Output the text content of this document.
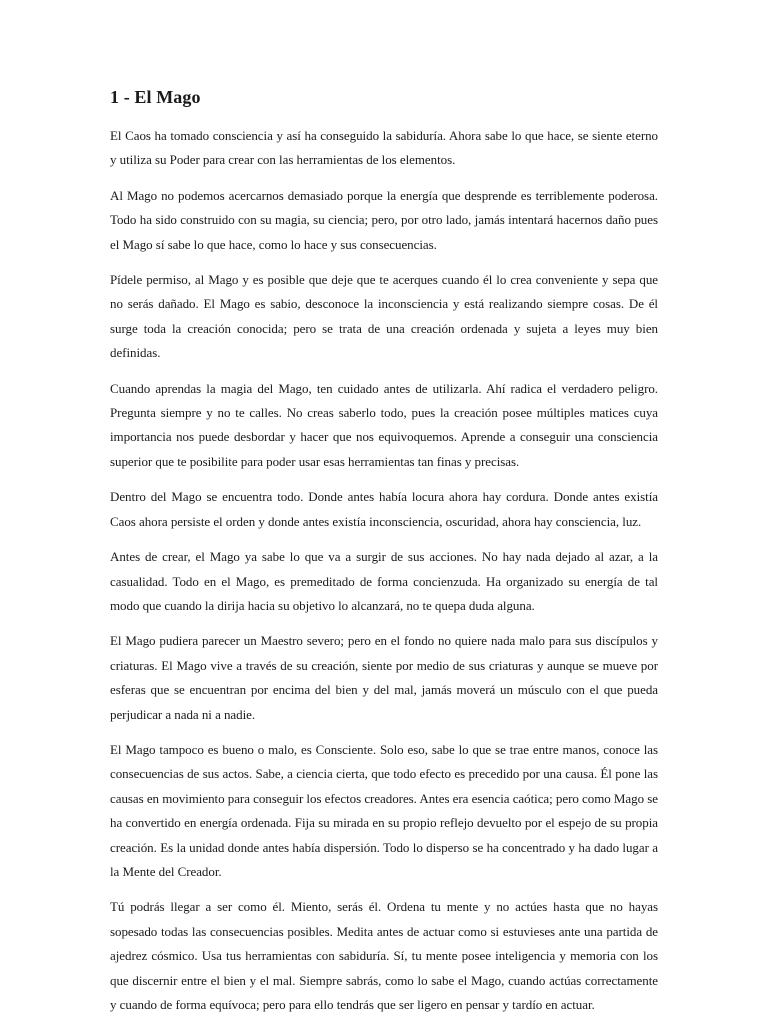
1 - El Mago

El Caos ha tomado consciencia y así ha conseguido la sabiduría. Ahora sabe lo que hace, se siente eterno y utiliza su Poder para crear con las herramientas de los elementos.

Al Mago no podemos acercarnos demasiado porque la energía que desprende es terriblemente poderosa. Todo ha sido construido con su magia, su ciencia; pero, por otro lado, jamás intentará hacernos daño pues el Mago sí sabe lo que hace, como lo hace y sus consecuencias.

Pídele permiso, al Mago y es posible que deje que te acerques cuando él lo crea conveniente y sepa que no serás dañado. El Mago es sabio, desconoce la inconsciencia y está realizando siempre cosas. De él surge toda la creación conocida; pero se trata de una creación ordenada y sujeta a leyes muy bien definidas.

Cuando aprendas la magia del Mago, ten cuidado antes de utilizarla. Ahí radica el verdadero peligro. Pregunta siempre y no te calles. No creas saberlo todo, pues la creación posee múltiples matices cuya importancia nos puede desbordar y hacer que nos equivoquemos. Aprende a conseguir una consciencia superior que te posibilite para poder usar esas herramientas tan finas y precisas.

Dentro del Mago se encuentra todo. Donde antes había locura ahora hay cordura. Donde antes existía Caos ahora persiste el orden y donde antes existía inconsciencia, oscuridad, ahora hay consciencia, luz.

Antes de crear, el Mago ya sabe lo que va a surgir de sus acciones. No hay nada dejado al azar, a la casualidad. Todo en el Mago, es premeditado de forma concienzuda. Ha organizado su energía de tal modo que cuando la dirija hacia su objetivo lo alcanzará, no te quepa duda alguna.

El Mago pudiera parecer un Maestro severo; pero en el fondo no quiere nada malo para sus discípulos y criaturas. El Mago vive a través de su creación, siente por medio de sus criaturas y aunque se mueve por esferas que se encuentran por encima del bien y del mal, jamás moverá un músculo con el que pueda perjudicar a nada ni a nadie.

El Mago tampoco es bueno o malo, es Consciente. Solo eso, sabe lo que se trae entre manos, conoce las consecuencias de sus actos. Sabe, a ciencia cierta, que todo efecto es precedido por una causa. Él pone las causas en movimiento para conseguir los efectos creadores. Antes era esencia caótica; pero como Mago se ha convertido en energía ordenada. Fija su mirada en su propio reflejo devuelto por el espejo de su propia creación. Es la unidad donde antes había dispersión. Todo lo disperso se ha concentrado y ha dado lugar a la Mente del Creador.

Tú podrás llegar a ser como él. Miento, serás él. Ordena tu mente y no actúes hasta que no hayas sopesado todas las consecuencias posibles. Medita antes de actuar como si estuvieses ante una partida de ajedrez cósmico. Usa tus herramientas con sabiduría. Sí, tu mente posee inteligencia y memoria con los que discernir entre el bien y el mal. Siempre sabrás, como lo sabe el Mago, cuando actúas correctamente y cuando de forma equívoca; pero para ello tendrás que ser ligero en pensar y tardío en actuar.
